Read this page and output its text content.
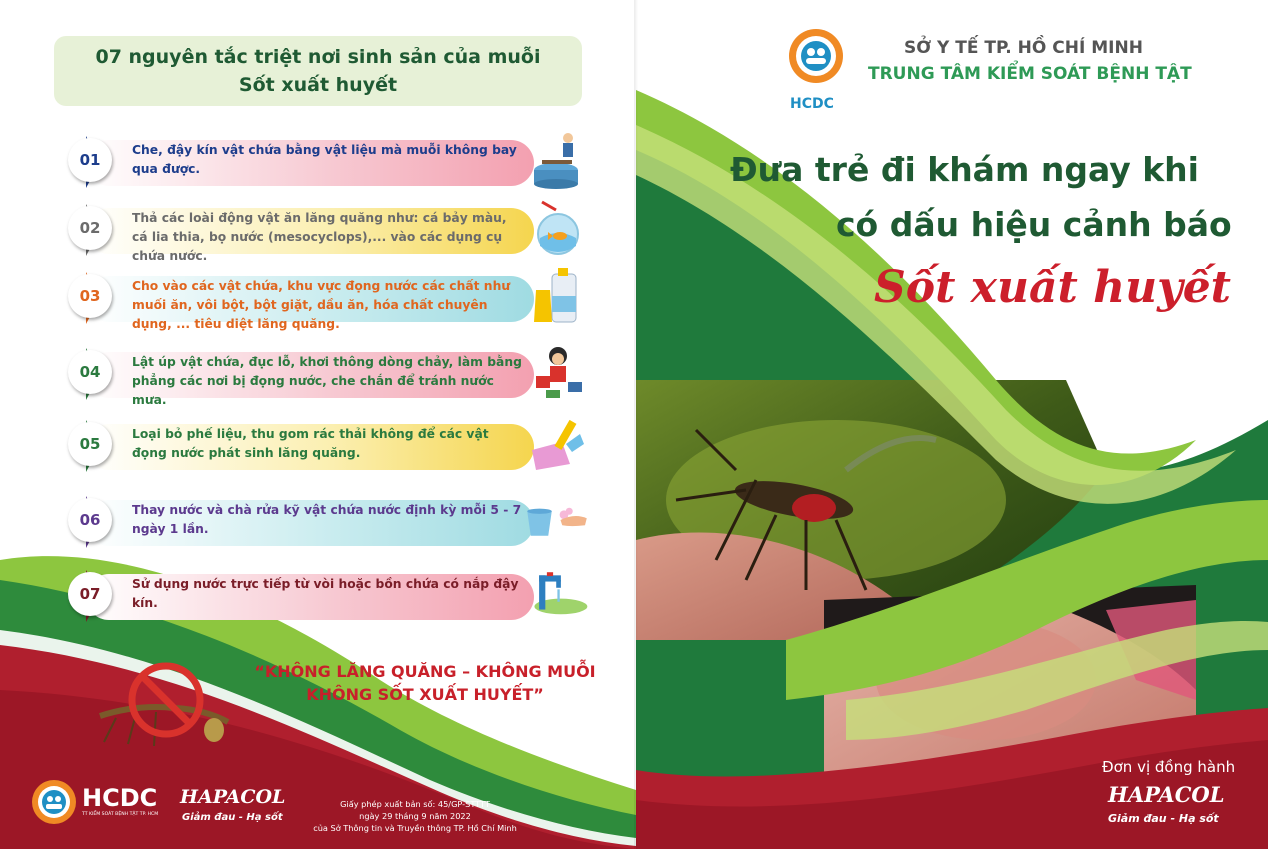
07 nguyên tắc triệt nơi sinh sản của muỗi
Sốt xuất huyết
01
Che, đậy kín vật chứa bằng vật liệu mà muỗi không bay qua được.
02
Thả các loài động vật ăn lăng quăng như: cá bảy màu, cá lia thia, bọ nước (mesocyclops),... vào các dụng cụ chứa nước.
03
Cho vào các vật chứa, khu vực đọng nước các chất như muối ăn, vôi bột, bột giặt, dầu ăn, hóa chất chuyên dụng, ... tiêu diệt lăng quăng.
04
Lật úp vật chứa, đục lỗ, khơi thông dòng chảy, làm bằng phẳng các nơi bị đọng nước, che chắn để tránh nước mưa.
05
Loại bỏ phế liệu, thu gom rác thải không để các vật đọng nước phát sinh lăng quăng.
06
Thay nước và chà rửa kỹ vật chứa nước định kỳ mỗi 5 - 7 ngày 1 lần.
07
Sử dụng nước trực tiếp từ vòi hoặc bồn chứa có nắp đậy kín.
“KHÔNG LĂNG QUĂNG – KHÔNG MUỖI
KHÔNG SỐT XUẤT HUYẾT”
HCDC
TT KIỂM SOÁT BỆNH TẬT TP. HCM
HAPACOL
Giảm đau - Hạ sốt
Giấy phép xuất bản số: 45/GP-STTTT
ngày 29 tháng 9 năm 2022
của Sở Thông tin và Truyền thông TP. Hồ Chí Minh
HCDC
SỞ Y TẾ TP. HỒ CHÍ MINH
TRUNG TÂM KIỂM SOÁT BỆNH TẬT
Đưa trẻ đi khám ngay khi
có dấu hiệu cảnh báo
Sốt xuất huyết
Đơn vị đồng hành
HAPACOL
Giảm đau - Hạ sốt
